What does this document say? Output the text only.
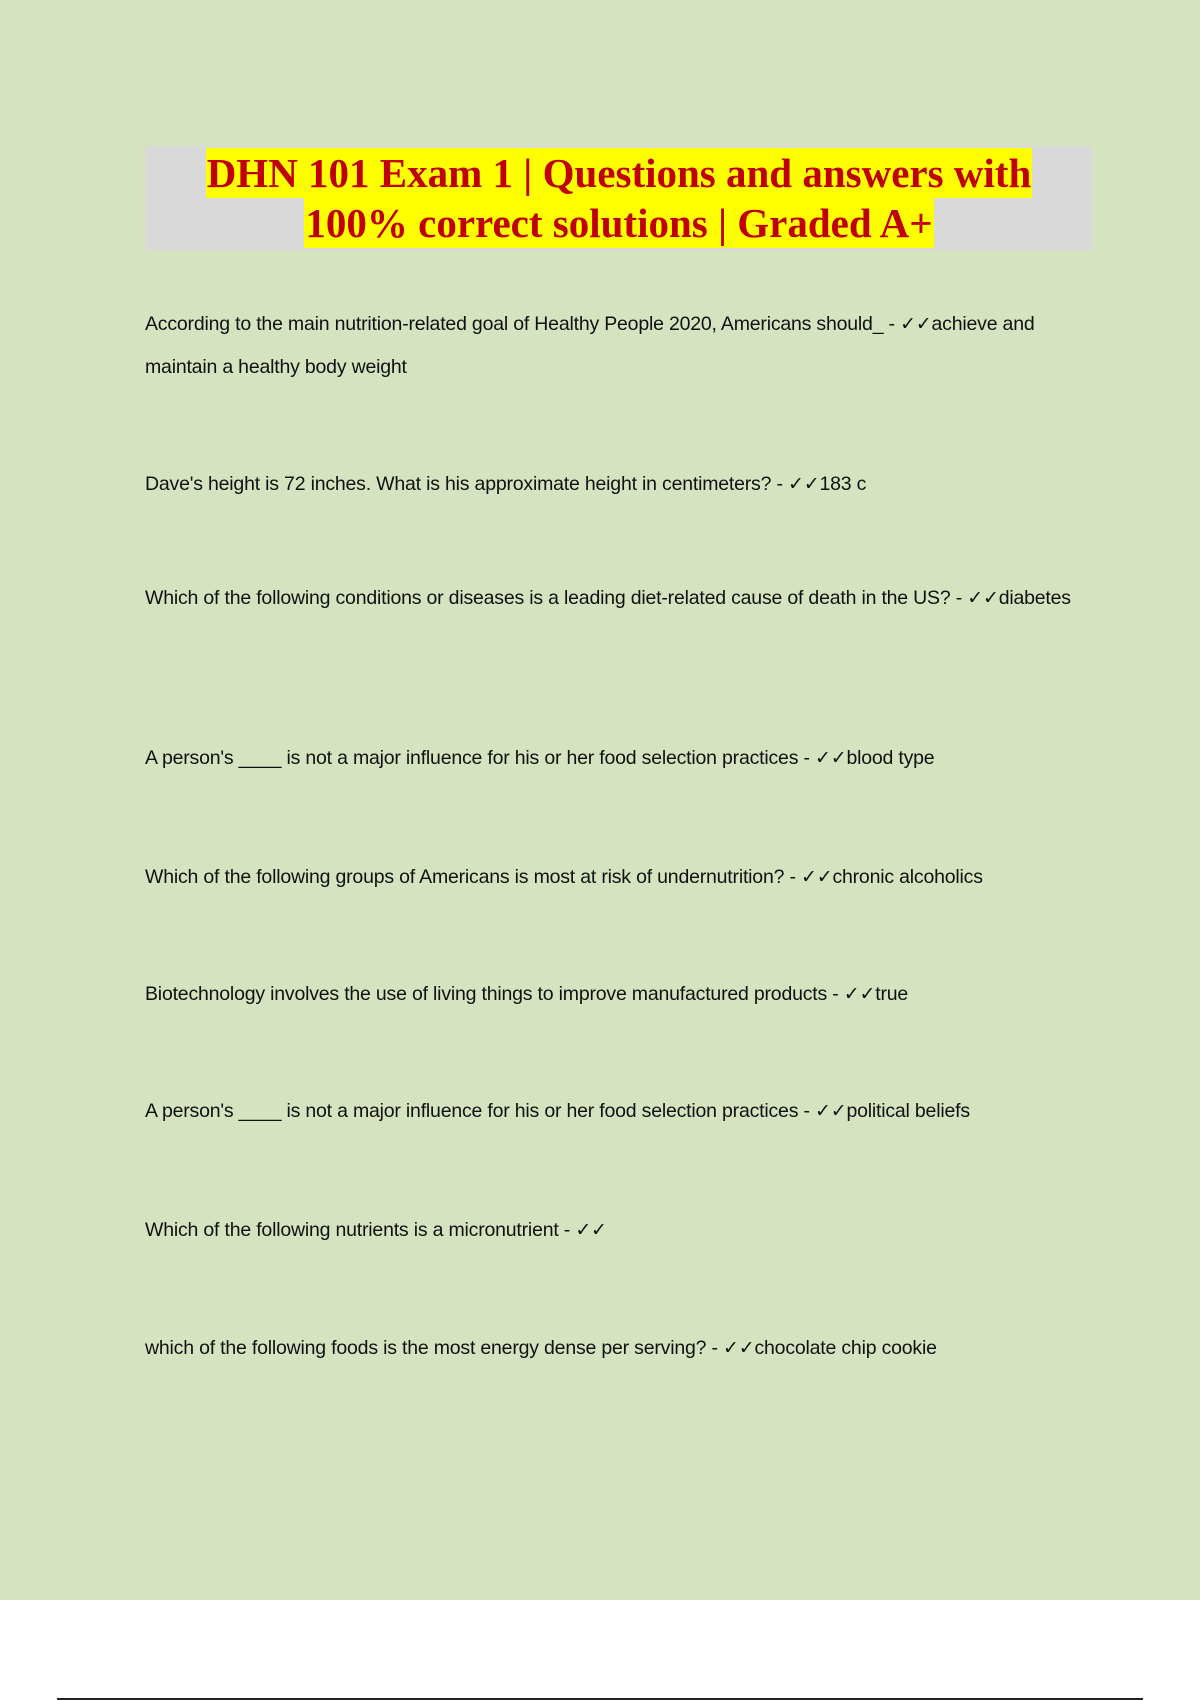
DHN 101 Exam 1 | Questions and answers with
100% correct solutions | Graded A+

According to the main nutrition-related goal of Healthy People 2020, Americans should_ - ✓✓achieve and maintain a healthy body weight

Dave's height is 72 inches. What is his approximate height in centimeters? - ✓✓183 c

Which of the following conditions or diseases is a leading diet-related cause of death in the US? - ✓✓diabetes

A person's ____ is not a major influence for his or her food selection practices - ✓✓blood type

Which of the following groups of Americans is most at risk of undernutrition? - ✓✓chronic alcoholics

Biotechnology involves the use of living things to improve manufactured products - ✓✓true

A person's ____ is not a major influence for his or her food selection practices - ✓✓political beliefs

Which of the following nutrients is a micronutrient - ✓✓

which of the following foods is the most energy dense per serving? - ✓✓chocolate chip cookie
